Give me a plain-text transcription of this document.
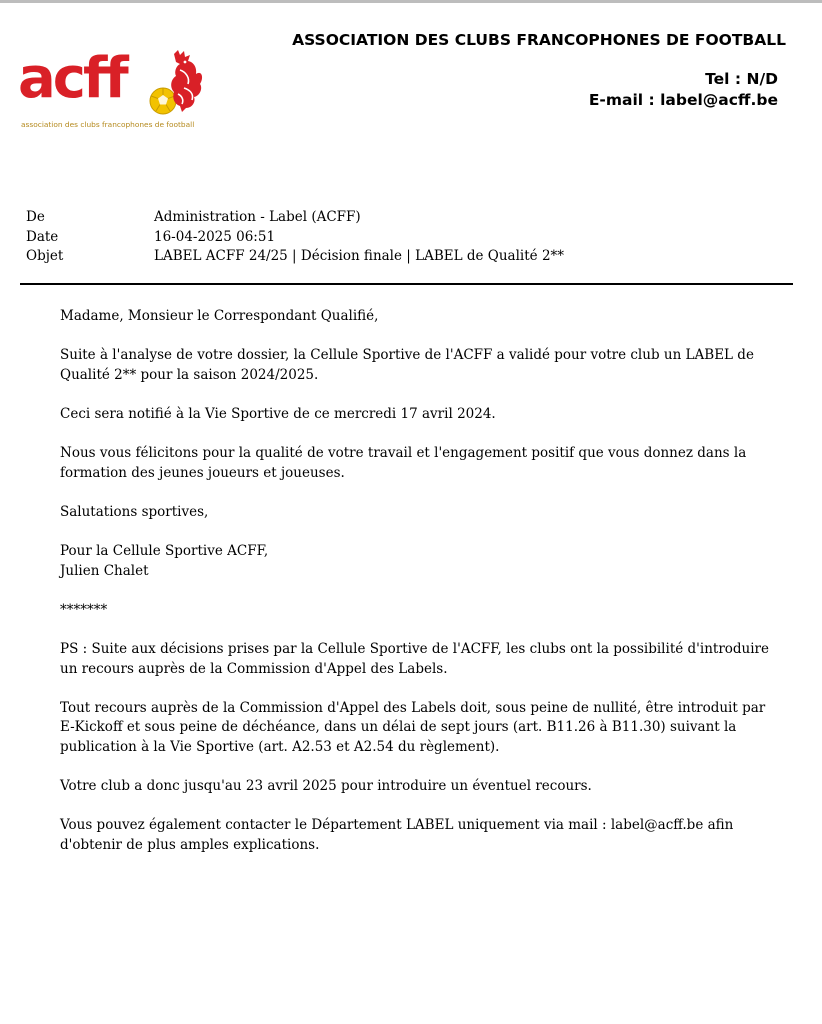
acff
association des clubs francophones de football
ASSOCIATION DES CLUBS FRANCOPHONES DE FOOTBALL
Tel : N/D
E-mail : label@acff.be
De	Administration - Label (ACFF)
Date	16-04-2025 06:51
Objet	LABEL ACFF 24/25 | Décision finale | LABEL de Qualité 2**

Madame, Monsieur le Correspondant Qualifié,

Suite à l'analyse de votre dossier, la Cellule Sportive de l'ACFF a validé pour votre club un LABEL de Qualité 2** pour la saison 2024/2025.

Ceci sera notifié à la Vie Sportive de ce mercredi 17 avril 2024.

Nous vous félicitons pour la qualité de votre travail et l'engagement positif que vous donnez dans la formation des jeunes joueurs et joueuses.

Salutations sportives,

Pour la Cellule Sportive ACFF,
Julien Chalet

*******

PS : Suite aux décisions prises par la Cellule Sportive de l'ACFF, les clubs ont la possibilité d'introduire un recours auprès de la Commission d'Appel des Labels.

Tout recours auprès de la Commission d'Appel des Labels doit, sous peine de nullité, être introduit par E-Kickoff et sous peine de déchéance, dans un délai de sept jours (art. B11.26 à B11.30) suivant la publication à la Vie Sportive (art. A2.53 et A2.54 du règlement).

Votre club a donc jusqu'au 23 avril 2025 pour introduire un éventuel recours.

Vous pouvez également contacter le Département LABEL uniquement via mail : label@acff.be afin d'obtenir de plus amples explications.
